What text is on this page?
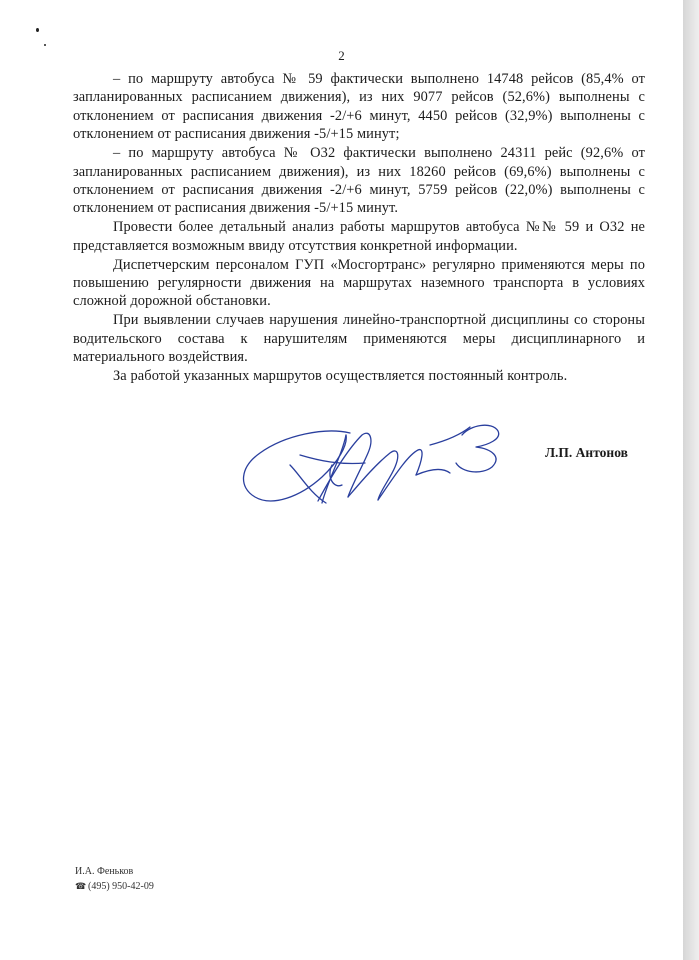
2

– по маршруту автобуса № 59 фактически выполнено 14748 рейсов (85,4% от запланированных расписанием движения), из них 9077 рейсов (52,6%) выполнены с отклонением от расписания движения -2/+6 минут, 4450 рейсов (32,9%) выполнены с отклонением от расписания движения -5/+15 минут;

– по маршруту автобуса № О32 фактически выполнено 24311 рейс (92,6% от запланированных расписанием движения), из них 18260 рейсов (69,6%) выполнены с отклонением от расписания движения -2/+6 минут, 5759 рейсов (22,0%) выполнены с отклонением от расписания движения -5/+15 минут.

Провести более детальный анализ работы маршрутов автобуса №№ 59 и О32 не представляется возможным ввиду отсутствия конкретной информации.

Диспетчерским персоналом ГУП «Мосгортранс» регулярно применяются меры по повышению регулярности движения на маршрутах наземного транспорта в условиях сложной дорожной обстановки.

При выявлении случаев нарушения линейно-транспортной дисциплины со стороны водительского состава к нарушителям применяются меры дисциплинарного и материального воздействия.

За работой указанных маршрутов осуществляется постоянный контроль.

Л.П. Антонов
И.А. Феньков
☎ (495) 950-42-09
